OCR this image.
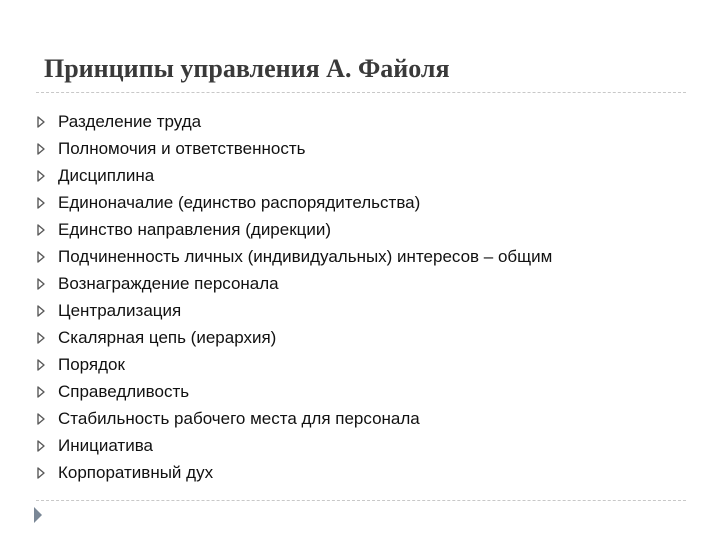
Принципы управления А. Файоля
Разделение труда
Полномочия и ответственность
Дисциплина
Единоначалие (единство распорядительства)
Единство направления (дирекции)
Подчиненность личных (индивидуальных) интересов – общим
Вознаграждение персонала
Централизация
Скалярная цепь (иерархия)
Порядок
Справедливость
Стабильность рабочего места для персонала
Инициатива
Корпоративный дух
